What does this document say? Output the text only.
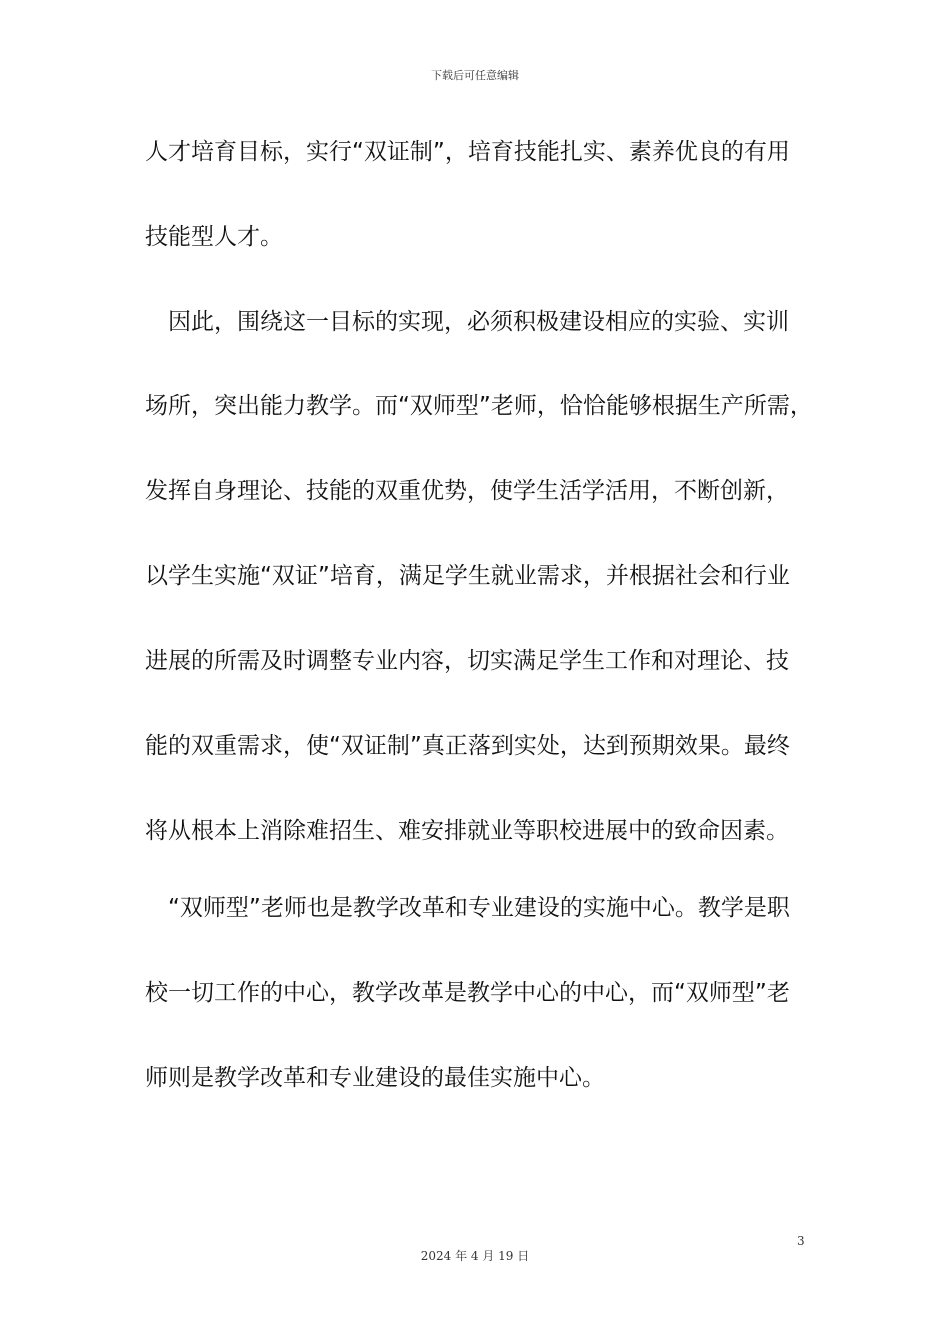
下载后可任意编辑
人才培育目标，实行“双证制”，培育技能扎实、素养优良的有用
技能型人才。
　因此，围绕这一目标的实现，必须积极建设相应的实验、实训
场所，突出能力教学。而“双师型”老师，恰恰能够根据生产所需，
发挥自身理论、技能的双重优势，使学生活学活用，不断创新，
以学生实施“双证”培育，满足学生就业需求，并根据社会和行业
进展的所需及时调整专业内容，切实满足学生工作和对理论、技
能的双重需求，使“双证制”真正落到实处，达到预期效果。最终
将从根本上消除难招生、难安排就业等职校进展中的致命因素。
　“双师型”老师也是教学改革和专业建设的实施中心。教学是职
校一切工作的中心，教学改革是教学中心的中心，而“双师型”老
师则是教学改革和专业建设的最佳实施中心。
3
2024 年 4 月 19 日
